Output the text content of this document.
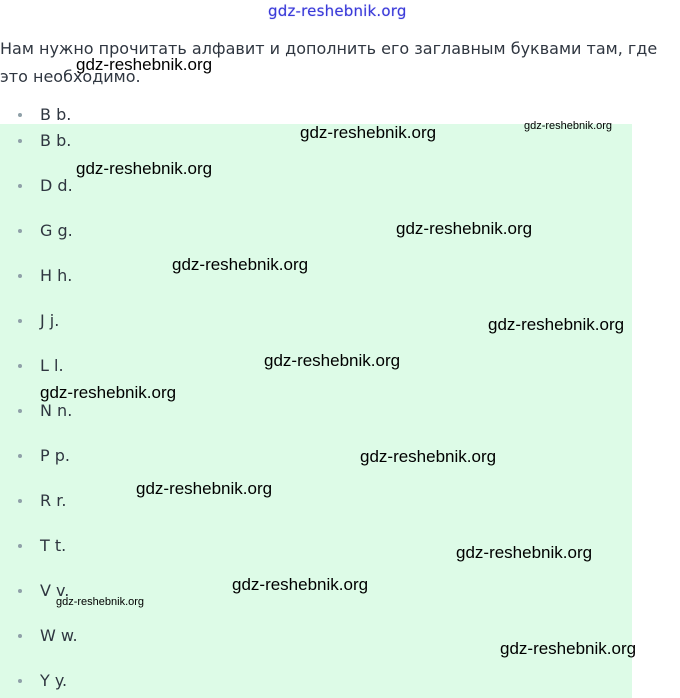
gdz-reshebnik.org

Нам нужно прочитать алфавит и дополнить его заглавным буквами там, где это необходимо.

B b.
B b.
D d.
G g.
H h.
J j.
L l.
N n.
P p.
R r.
T t.
V v.
W w.
Y y.
gdz-reshebnik.org
gdz-reshebnik.org	gdz-reshebnik.org
gdz-reshebnik.org
gdz-reshebnik.org
gdz-reshebnik.org
gdz-reshebnik.org
gdz-reshebnik.org
gdz-reshebnik.org
gdz-reshebnik.org
gdz-reshebnik.org
gdz-reshebnik.org
gdz-reshebnik.org
gdz-reshebnik.org
gdz-reshebnik.org
